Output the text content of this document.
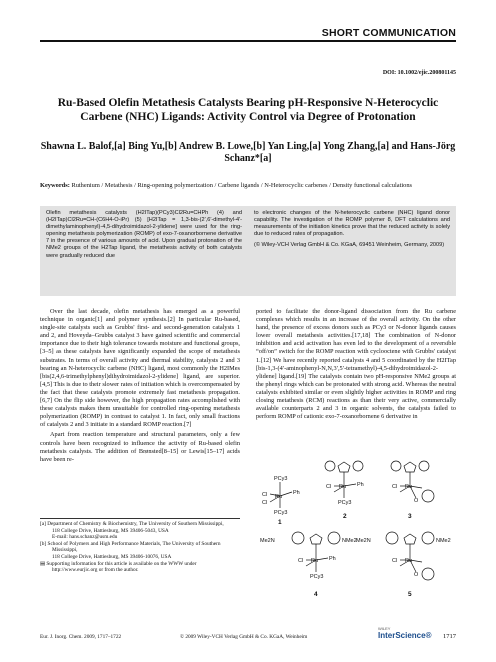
SHORT COMMUNICATION
DOI: 10.1002/ejic.200801145
Ru-Based Olefin Metathesis Catalysts Bearing pH-Responsive N-Heterocyclic Carbene (NHC) Ligands: Activity Control via Degree of Protonation
Shawna L. Balof,[a] Bing Yu,[b] Andrew B. Lowe,[b] Yan Ling,[a] Yong Zhang,[a] and Hans-Jörg Schanz*[a]
Keywords: Ruthenium / Metathesis / Ring-opening polymerization / Carbene ligands / N-Heterocyclic carbenes / Density functional calculations
Olefin metathesis catalysts (H2ITap)(PCy3)Cl2Ru=CHPh (4) and (H2ITap)Cl2Ru=CH-(C6H4-O-iPr) (5) [H2ITap = 1,3-bis-(2′,6′-dimethyl-4′-dimethylaminophenyl)-4,5-dihydroimidazol-2-ylidene] were used for the ring-opening metathesis polymerization (ROMP) of exo-7-oxanorbornene derivative 7 in the presence of various amounts of acid. Upon gradual protonation of the NMe2 groups of the H2Tap ligand, the metathesis activity of both catalysts were gradually reduced due
to electronic changes of the N-heterocyclic carbene (NHC) ligand donor capability. The investigation of the ROMP polymer 8, DFT calculations and measurements of the initiation kinetics prove that the reduced activity is solely due to reduced rates of propagation.
(© Wiley-VCH Verlag GmbH & Co. KGaA, 69451 Weinheim, Germany, 2009)

Over the last decade, olefin metathesis has emerged as a powerful technique in organic[1] and polymer synthesis.[2] In particular Ru-based, single-site catalysts such as Grubbs' first- and second-generation catalysts 1 and 2, and Hoveyda–Grubbs catalyst 3 have gained scientific and commercial importance due to their high tolerance towards moisture and functional groups,[3–5] as these catalysts have significantly expanded the scope of metathesis substrates. In terms of overall activity and thermal stability, catalysts 2 and 3 bearing an N-heterocyclic carbene (NHC) ligand, most commonly the H2IMes [bis(2,4,6-trimethylphenyl)dihydroimidazol-2-ylidene] ligand, are superior.[4,5] This is due to their slower rates of initiation which is overcompensated by the fact that these catalysts promote extremely fast metathesis propagation.[6,7] On the flip side however, the high propagation rates accomplished with these catalysts makes them unsuitable for controlled ring-opening metathesis polymerization (ROMP) in contrast to catalyst 1. In fact, only small fractions of catalysts 2 and 3 initiate in a standard ROMP reaction.[7]

Apart from reaction temperature and structural parameters, only a few controls have been recognized to influence the activity of Ru-based olefin metathesis catalysts. The addition of Brønsted[8–15] or Lewis[15–17] acids have been re-

ported to facilitate the donor-ligand dissociation from the Ru carbene complexes which results in an increase of the overall activity. On the other hand, the presence of excess donors such as PCy3 or N-donor ligands causes lower overall metathesis activities.[17,18] The combination of N-donor inhibition and acid activation has even led to the development of a reversible “off/on” switch for the ROMP reaction with cyclooctene with Grubbs' catalyst 1.[12] We have recently reported catalysts 4 and 5 coordinated by the H2ITap [bis-1,3-(4′-aminophenyl-N,N,3′,5′-tetramethyl)-4,5-dihydroimidazol-2-ylidene] ligand.[19] The catalysts contain two pH-responsive NMe2 groups at the phenyl rings which can be protonated with strong acid. Whereas the neutral catalysts exhibited similar or even slightly higher activities in ROMP and ring closing metathesis (RCM) reactions as than their very active, commercially available counterparts 2 and 3 in organic solvents, the catalysts failed to perform ROMP of cationic exo-7-oxanorbornene 6 derivative in

[a] Department of Chemistry & Biochemistry, The University of Southern Mississippi,
118 College Drive, Hattiesburg, MS 39406-5043, USA
E-mail: hans.schanz@usm.edu
[b] School of Polymers and High Performance Materials, The University of Southern Mississippi,
118 College Drive, Hattiesburg, MS 39406-10076, USA
▤ Supporting information for this article is available on the WWW under http://www.eurjic.org or from the author.
PCy3
Ru
Ph
Cl
Cl
PCy3
Ru Ph
Cl
PCy3
Ru
Cl
O
Me2N	NMe2
Ru Ph
Cl
PCy3
Me2N	NMe2
Ru
Cl
O
1
2	3
4	5
Eur. J. Inorg. Chem. 2009, 1717–1722	© 2009 Wiley-VCH Verlag GmbH & Co. KGaA, Weinheim
WILEY
InterScience® 1717
